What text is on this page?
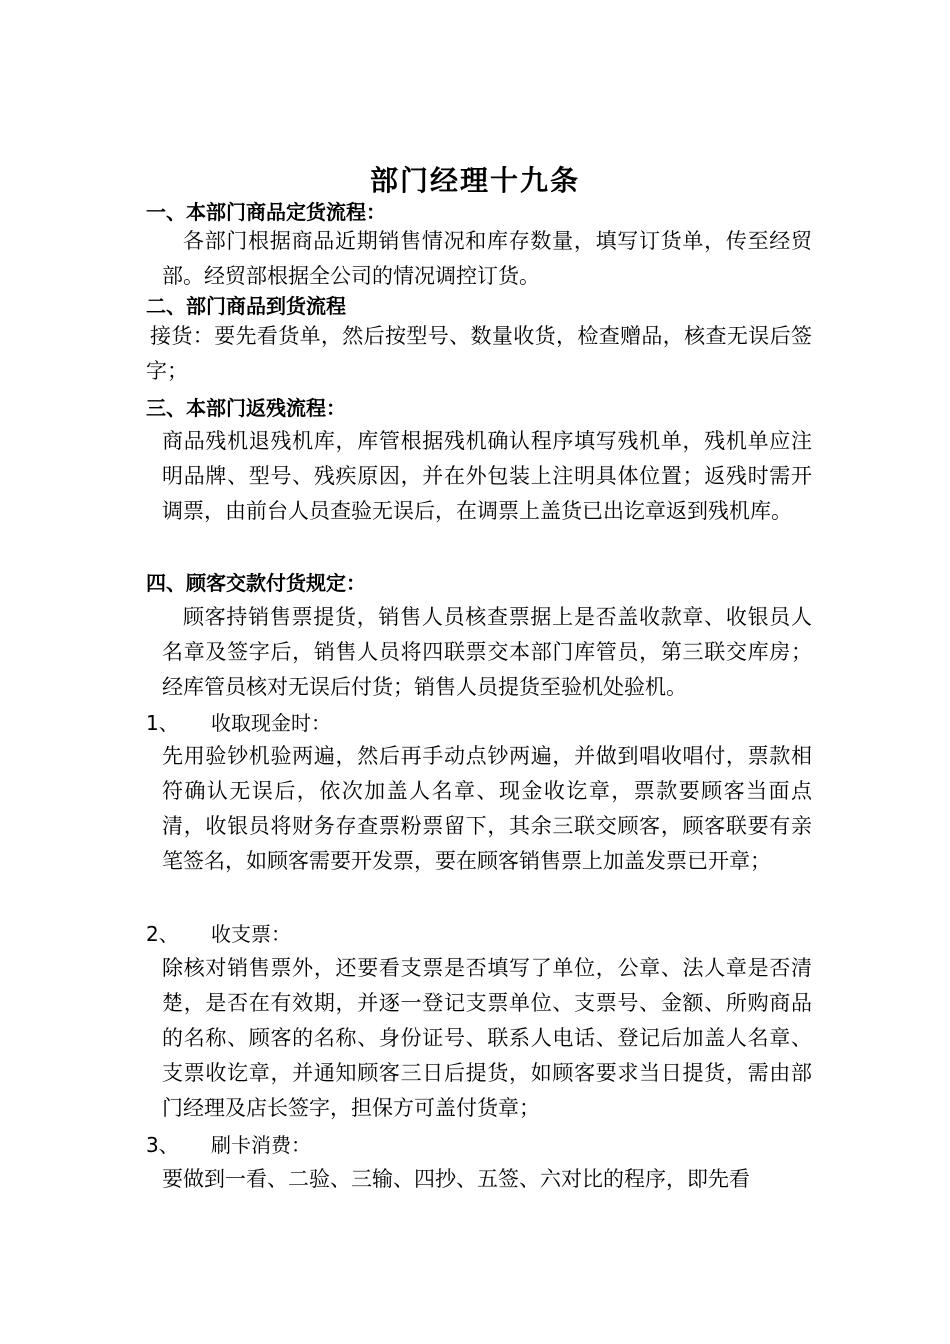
部门经理十九条
一、本部门商品定货流程：
各部门根据商品近期销售情况和库存数量，填写订货单，传至经贸部。经贸部根据全公司的情况调控订货。
二、部门商品到货流程
接货：要先看货单，然后按型号、数量收货，检查赠品，核查无误后签字；
三、本部门返残流程：
商品残机退残机库，库管根据残机确认程序填写残机单，残机单应注明品牌、型号、残疾原因，并在外包装上注明具体位置；返残时需开调票，由前台人员查验无误后，在调票上盖货已出讫章返到残机库。
四、顾客交款付货规定：
顾客持销售票提货，销售人员核查票据上是否盖收款章、收银员人名章及签字后，销售人员将四联票交本部门库管员，第三联交库房；经库管员核对无误后付货；销售人员提货至验机处验机。
1、 收取现金时：
先用验钞机验两遍，然后再手动点钞两遍，并做到唱收唱付，票款相符确认无误后，依次加盖人名章、现金收讫章，票款要顾客当面点清，收银员将财务存查票粉票留下，其余三联交顾客，顾客联要有亲笔签名，如顾客需要开发票，要在顾客销售票上加盖发票已开章；
2、 收支票：
除核对销售票外，还要看支票是否填写了单位，公章、法人章是否清楚，是否在有效期，并逐一登记支票单位、支票号、金额、所购商品的名称、顾客的名称、身份证号、联系人电话、登记后加盖人名章、支票收讫章，并通知顾客三日后提货，如顾客要求当日提货，需由部门经理及店长签字，担保方可盖付货章；
3、 刷卡消费：
要做到一看、二验、三输、四抄、五签、六对比的程序，即先看
